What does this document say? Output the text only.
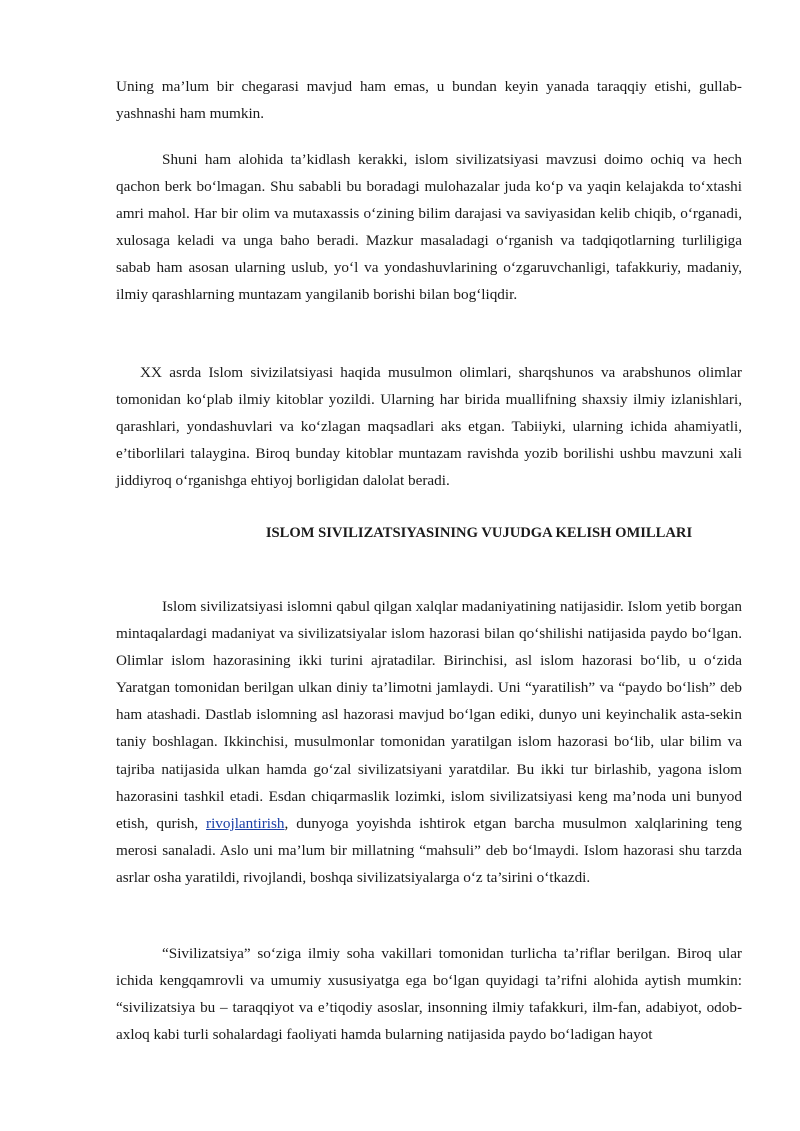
Uning ma’lum bir chegarasi mavjud ham emas, u bundan keyin yanada taraqqiy etishi, gullab-yashnashi ham mumkin.

Shuni ham alohida ta’kidlash kerakki, islom sivilizatsiyasi mavzusi doimo ochiq va hech qachon berk bo‘lmagan. Shu sababli bu boradagi mulohazalar juda ko‘p va yaqin kelajakda to‘xtashi amri mahol. Har bir olim va mutaxassis o‘zining bilim darajasi va saviyasidan kelib chiqib, o‘rganadi, xulosaga keladi va unga baho beradi. Mazkur masaladagi o‘rganish va tadqiqotlarning turliligiga sabab ham asosan ularning uslub, yo‘l va yondashuvlarining o‘zgaruvchanligi, tafakkuriy, madaniy, ilmiy qarashlarning muntazam yangilanib borishi bilan bog‘liqdir.

XX asrda Islom sivizilatsiyasi haqida musulmon olimlari, sharqshunos va arabshunos olimlar tomonidan ko‘plab ilmiy kitoblar yozildi. Ularning har birida muallifning shaxsiy ilmiy izlanishlari, qarashlari, yondashuvlari va ko‘zlagan maqsadlari aks etgan. Tabiiyki, ularning ichida ahamiyatli, e’tiborlilari talaygina. Biroq bunday kitoblar muntazam ravishda yozib borilishi ushbu mavzuni xali jiddiyroq o‘rganishga ehtiyoj borligidan dalolat beradi.

ISLOM SIVILIZATSIYASINING VUJUDGA KELISH OMILLARI

Islom sivilizatsiyasi islomni qabul qilgan xalqlar madaniyatining natijasidir. Islom yetib borgan mintaqalardagi madaniyat va sivilizatsiyalar islom hazorasi bilan qo‘shilishi natijasida paydo bo‘lgan. Olimlar islom hazorasining ikki turini ajratadilar. Birinchisi, asl islom hazorasi bo‘lib, u o‘zida Yaratgan tomonidan berilgan ulkan diniy ta’limotni jamlaydi. Uni “yaratilish” va “paydo bo‘lish” deb ham atashadi. Dastlab islomning asl hazorasi mavjud bo‘lgan ediki, dunyo uni keyinchalik asta-sekin taniy boshlagan. Ikkinchisi, musulmonlar tomonidan yaratilgan islom hazorasi bo‘lib, ular bilim va tajriba natijasida ulkan hamda go‘zal sivilizatsiyani yaratdilar. Bu ikki tur birlashib, yagona islom hazorasini tashkil etadi. Esdan chiqarmaslik lozimki, islom sivilizatsiyasi keng ma’noda uni bunyod etish, qurish, rivojlantirish, dunyoga yoyishda ishtirok etgan barcha musulmon xalqlarining teng merosi sanaladi. Aslo uni ma’lum bir millatning “mahsuli” deb bo‘lmaydi. Islom hazorasi shu tarzda asrlar osha yaratildi, rivojlandi, boshqa sivilizatsiyalarga o‘z ta’sirini o‘tkazdi.

“Sivilizatsiya” so‘ziga ilmiy soha vakillari tomonidan turlicha ta’riflar berilgan. Biroq ular ichida kengqamrovli va umumiy xususiyatga ega bo‘lgan quyidagi ta’rifni alohida aytish mumkin: “sivilizatsiya bu – taraqqiyot va e’tiqodiy asoslar, insonning ilmiy tafakkuri, ilm-fan, adabiyot, odob-axloq kabi turli sohalardagi faoliyati hamda bularning natijasida paydo bo‘ladigan hayot
